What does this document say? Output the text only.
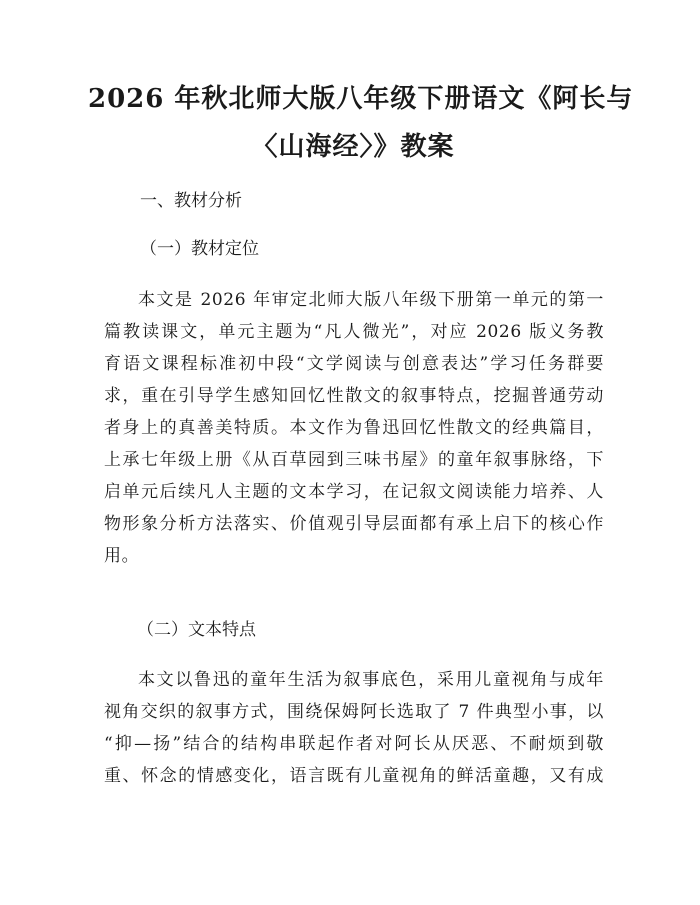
2026 年秋北师大版八年级下册语文《阿长与
〈山海经〉》教案
一、教材分析
（一）教材定位
本文是 2026 年审定北师大版八年级下册第一单元的第一
篇教读课文，单元主题为“凡人微光”，对应 2026 版义务教
育语文课程标准初中段“文学阅读与创意表达”学习任务群要
求，重在引导学生感知回忆性散文的叙事特点，挖掘普通劳动
者身上的真善美特质。本文作为鲁迅回忆性散文的经典篇目，
上承七年级上册《从百草园到三味书屋》的童年叙事脉络，下
启单元后续凡人主题的文本学习，在记叙文阅读能力培养、人
物形象分析方法落实、价值观引导层面都有承上启下的核心作
用。
（二）文本特点
本文以鲁迅的童年生活为叙事底色，采用儿童视角与成年
视角交织的叙事方式，围绕保姆阿长选取了 7 件典型小事，以
“抑—扬”结合的结构串联起作者对阿长从厌恶、不耐烦到敬
重、怀念的情感变化，语言既有儿童视角的鲜活童趣，又有成
